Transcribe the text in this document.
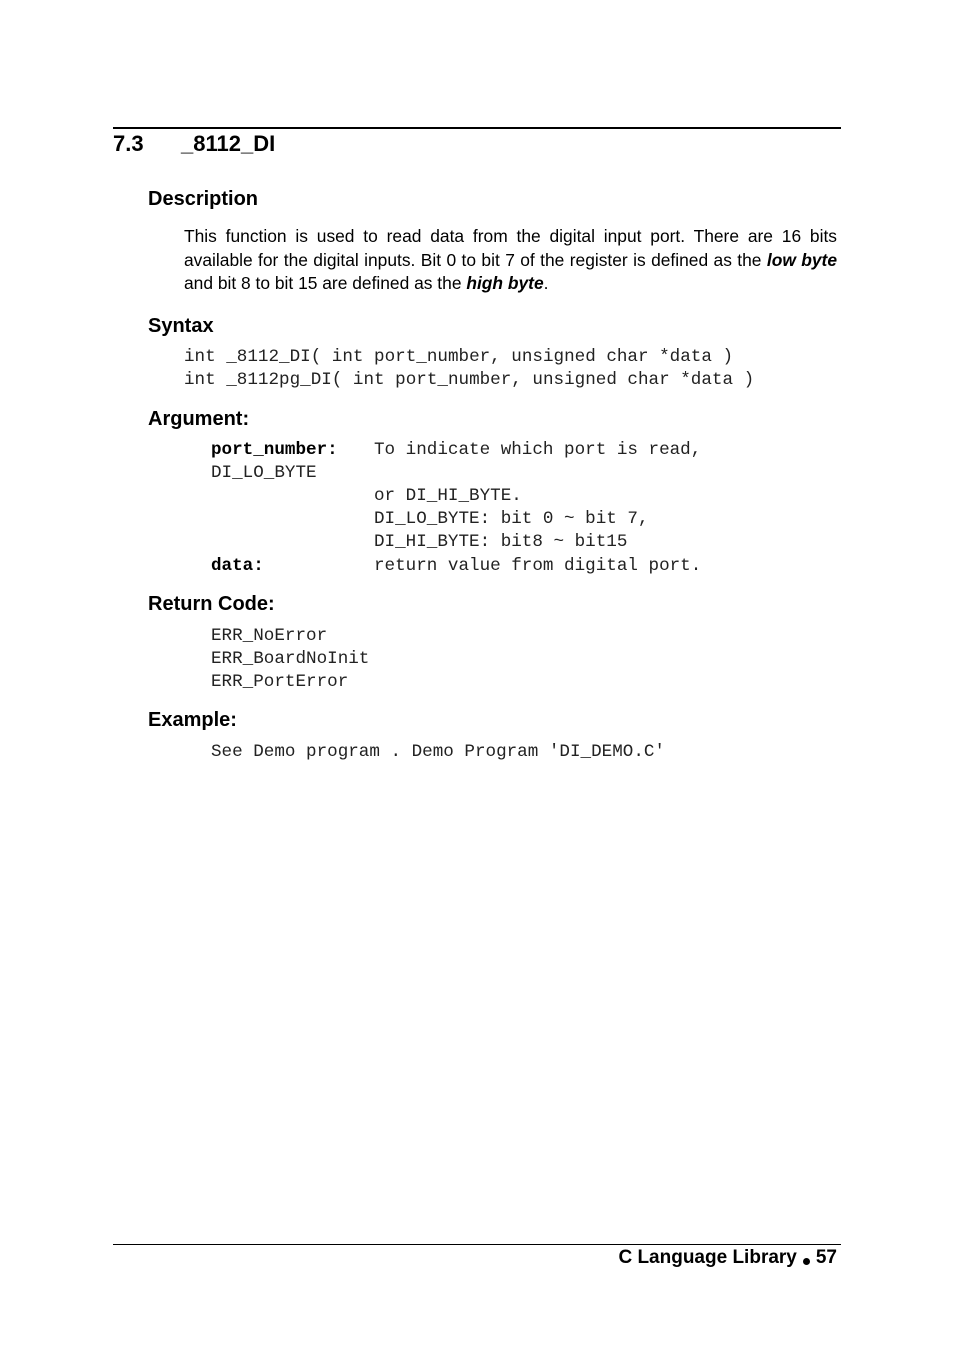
7.3	_8112_DI
Description

This function is used to read data from the digital input port. There are 16 bits available for the digital inputs. Bit 0 to bit 7 of the register is defined as the low byte and bit 8 to bit 15 are defined as the high byte.

Syntax
int _8112_DI( int port_number, unsigned char *data )
int _8112pg_DI( int port_number, unsigned char *data )
Argument:
port_number: To indicate which port is read,
DI_LO_BYTE
or DI_HI_BYTE.
DI_LO_BYTE: bit 0 ~ bit 7,
DI_HI_BYTE: bit8 ~ bit15
data:	return value from digital port.
Return Code:
ERR_NoError
ERR_BoardNoInit
ERR_PortError
Example:
See Demo program . Demo Program 'DI_DEMO.C'
C Language Library 57
